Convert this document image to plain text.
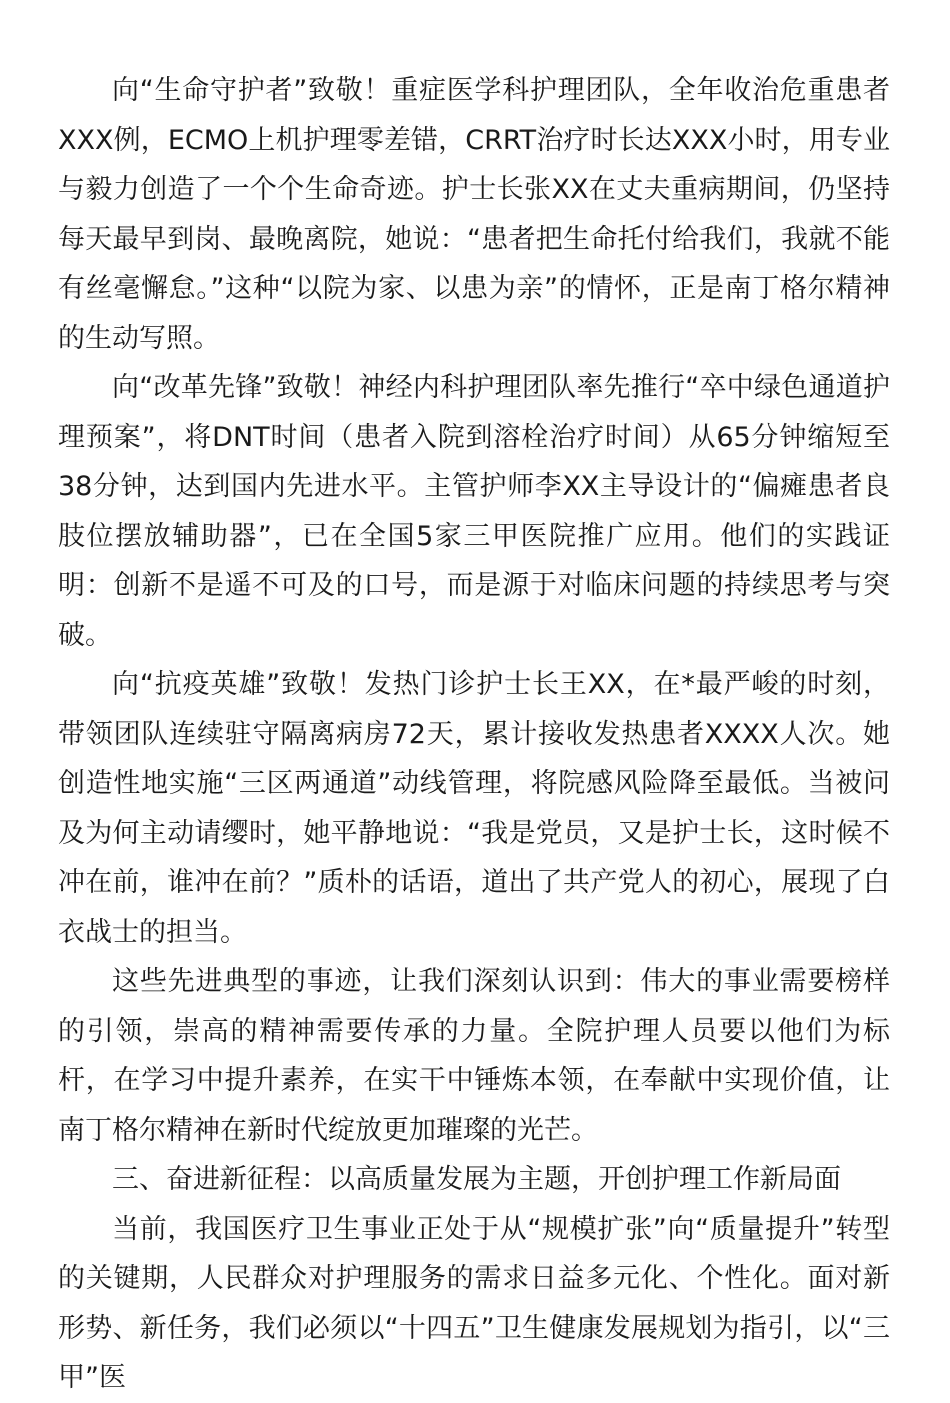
向“生命守护者”致敬！重症医学科护理团队，全年收治危重患者XXX例，ECMO上机护理零差错，CRRT治疗时长达XXX小时，用专业与毅力创造了一个个生命奇迹。护士长张XX在丈夫重病期间，仍坚持每天最早到岗、最晚离院，她说：“患者把生命托付给我们，我就不能有丝毫懈怠。”这种“以院为家、以患为亲”的情怀，正是南丁格尔精神的生动写照。

向“改革先锋”致敬！神经内科护理团队率先推行“卒中绿色通道护理预案”，将DNT时间（患者入院到溶栓治疗时间）从65分钟缩短至38分钟，达到国内先进水平。主管护师李XX主导设计的“偏瘫患者良肢位摆放辅助器”，已在全国5家三甲医院推广应用。他们的实践证明：创新不是遥不可及的口号，而是源于对临床问题的持续思考与突破。

向“抗疫英雄”致敬！发热门诊护士长王XX，在*最严峻的时刻，带领团队连续驻守隔离病房72天，累计接收发热患者XXXX人次。她创造性地实施“三区两通道”动线管理，将院感风险降至最低。当被问及为何主动请缨时，她平静地说：“我是党员，又是护士长，这时候不冲在前，谁冲在前？”质朴的话语，道出了共产党人的初心，展现了白衣战士的担当。

这些先进典型的事迹，让我们深刻认识到：伟大的事业需要榜样的引领，崇高的精神需要传承的力量。全院护理人员要以他们为标杆，在学习中提升素养，在实干中锤炼本领，在奉献中实现价值，让南丁格尔精神在新时代绽放更加璀璨的光芒。

三、奋进新征程：以高质量发展为主题，开创护理工作新局面

当前，我国医疗卫生事业正处于从“规模扩张”向“质量提升”转型的关键期，人民群众对护理服务的需求日益多元化、个性化。面对新形势、新任务，我们必须以“十四五”卫生健康发展规划为指引，以“三甲”医
